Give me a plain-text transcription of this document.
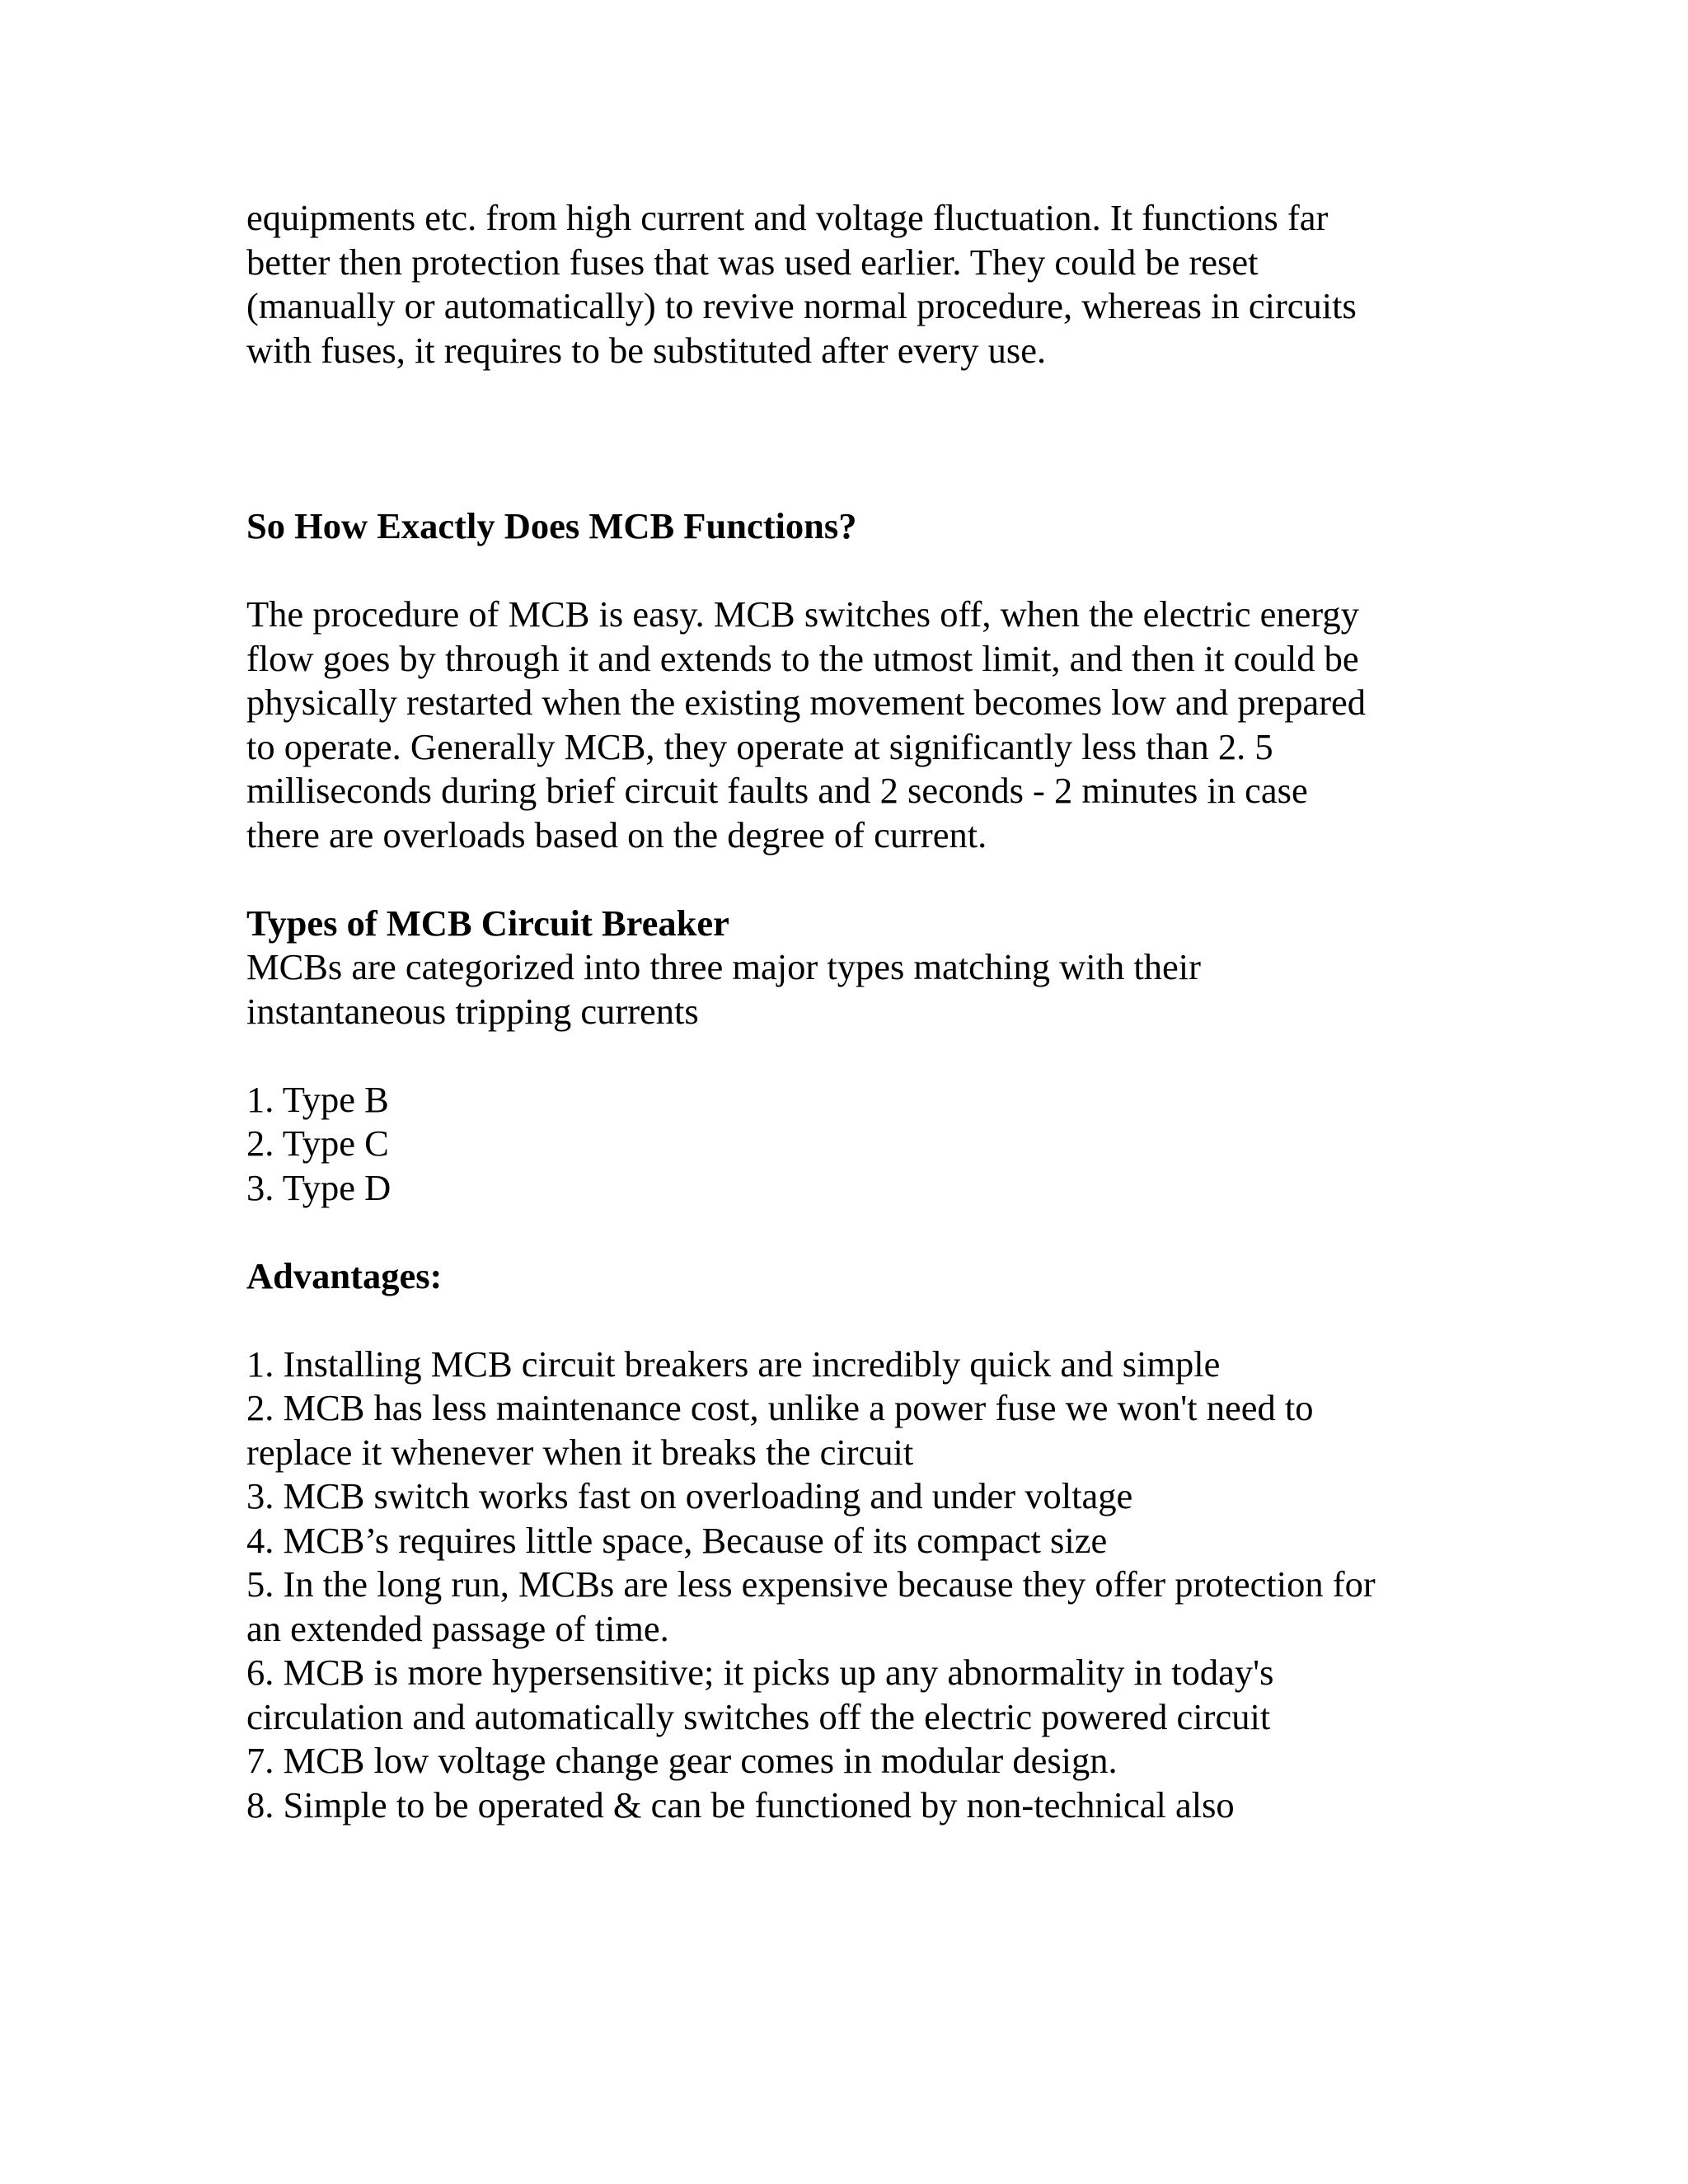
equipments etc. from high current and voltage fluctuation. It functions far

better then protection fuses that was used earlier. They could be reset

(manually or automatically) to revive normal procedure, whereas in circuits

with fuses, it requires to be substituted after every use.

So How Exactly Does MCB Functions?

The procedure of MCB is easy. MCB switches off, when the electric energy

flow goes by through it and extends to the utmost limit, and then it could be

physically restarted when the existing movement becomes low and prepared

to operate. Generally MCB, they operate at significantly less than 2. 5

milliseconds during brief circuit faults and 2 seconds - 2 minutes in case

there are overloads based on the degree of current.

Types of MCB Circuit Breaker

MCBs are categorized into three major types matching with their

instantaneous tripping currents

1. Type B

2. Type C

3. Type D

Advantages:

1. Installing MCB circuit breakers are incredibly quick and simple

2. MCB has less maintenance cost, unlike a power fuse we won't need to

replace it whenever when it breaks the circuit

3. MCB switch works fast on overloading and under voltage

4. MCB’s requires little space, Because of its compact size

5. In the long run, MCBs are less expensive because they offer protection for

an extended passage of time.

6. MCB is more hypersensitive; it picks up any abnormality in today's

circulation and automatically switches off the electric powered circuit

7. MCB low voltage change gear comes in modular design.

8. Simple to be operated & can be functioned by non-technical also
